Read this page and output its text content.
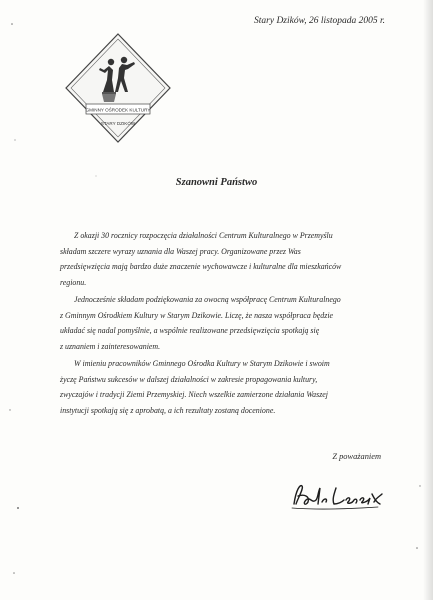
Stary Dzików, 26 listopada 2005 r.
GMINNY OŚRODEK KULTURY
STARY DZIKÓW
Szanowni Państwo
Z okazji 30 rocznicy rozpoczęcia działalności Centrum Kulturalnego w Przemyślu
składam szczere wyrazy uznania dla Waszej pracy. Organizowane przez Was
przedsięwzięcia mają bardzo duże znaczenie wychowawcze i kulturalne dla mieszkańców
regionu.
Jednocześnie składam podziękowania za owocną współpracę Centrum Kulturalnego
z Gminnym Ośrodkiem Kultury w Starym Dzikowie. Liczę, że nasza współpraca będzie
układać się nadal pomyślnie, a wspólnie realizowane przedsięwzięcia spotkają się
z uznaniem i zainteresowaniem.
W imieniu pracowników Gminnego Ośrodka Kultury w Starym Dzikowie i swoim
życzę Państwu sukcesów w dalszej działalności w zakresie propagowania kultury,
zwyczajów i tradycji Ziemi Przemyskiej. Niech wszelkie zamierzone działania Waszej
instytucji spotkają się z aprobatą, a ich rezultaty zostaną docenione.
Z poważaniem
